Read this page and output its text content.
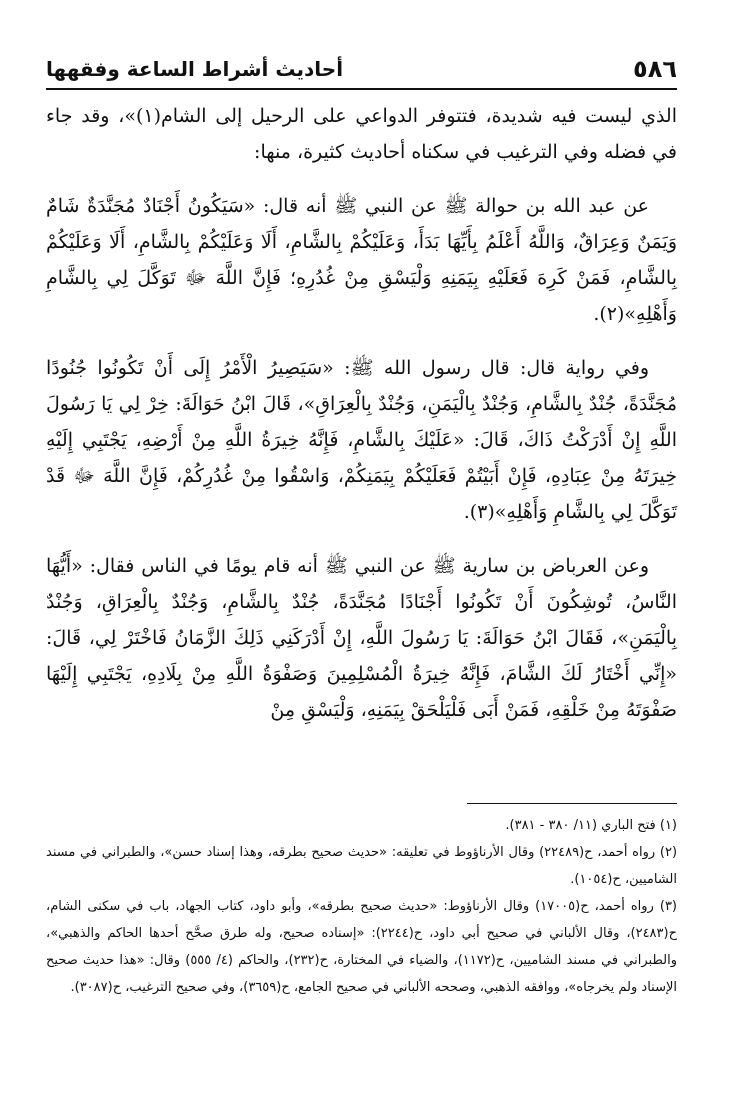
٥٨٦
أحاديث أشراط الساعة وفقهها

الذي ليست فيه شديدة، فتتوفر الدواعي على الرحيل إلى الشام(١)»، وقد جاء في فضله وفي الترغيب في سكناه أحاديث كثيرة، منها:

عن عبد الله بن حوالة ﷺ عن النبي ﷺ أنه قال: «سَيَكُونُ أَجْنَادٌ مُجَنَّدَةٌ شَامٌ وَيَمَنٌ وَعِرَاقٌ، وَاللَّهُ أَعْلَمُ بِأَيِّهَا بَدَأَ، وَعَلَيْكُمْ بِالشَّامِ، أَلَا وَعَلَيْكُمْ بِالشَّامِ، أَلَا وَعَلَيْكُمْ بِالشَّامِ، فَمَنْ كَرِهَ فَعَلَيْهِ بِيَمَنِهِ وَلْيَسْقِ مِنْ غُدُرِهِ؛ فَإِنَّ اللَّهَ ﷻ تَوَكَّلَ لِي بِالشَّامِ وَأَهْلِهِ»(٢).

وفي رواية قال: قال رسول الله ﷺ: «سَيَصِيرُ الْأَمْرُ إِلَى أَنْ تَكُونُوا جُنُودًا مُجَنَّدَةً، جُنْدٌ بِالشَّامِ، وَجُنْدٌ بِالْيَمَنِ، وَجُنْدٌ بِالْعِرَاقِ»، قَالَ ابْنُ حَوَالَةَ: خِرْ لِي يَا رَسُولَ اللَّهِ إِنْ أَدْرَكْتُ ذَاكَ، قَالَ: «عَلَيْكَ بِالشَّامِ، فَإِنَّهُ خِيرَةُ اللَّهِ مِنْ أَرْضِهِ، يَجْتَبِي إِلَيْهِ خِيرَتَهُ مِنْ عِبَادِهِ، فَإِنْ أَبَيْتُمْ فَعَلَيْكُمْ بِيَمَنِكُمْ، وَاسْقُوا مِنْ غُدُرِكُمْ، فَإِنَّ اللَّهَ ﷻ قَدْ تَوَكَّلَ لِي بِالشَّامِ وَأَهْلِهِ»(٣).

وعن العرباض بن سارية ﷺ عن النبي ﷺ أنه قام يومًا في الناس فقال: «أَيُّهَا النَّاسُ، تُوشِكُونَ أَنْ تَكُونُوا أَجْنَادًا مُجَنَّدَةً، جُنْدٌ بِالشَّامِ، وَجُنْدٌ بِالْعِرَاقِ، وَجُنْدٌ بِالْيَمَنِ»، فَقَالَ ابْنُ حَوَالَةَ: يَا رَسُولَ اللَّهِ، إِنْ أَدْرَكَنِي ذَلِكَ الزَّمَانُ فَاخْتَرْ لِي، قَالَ: «إِنِّي أَخْتَارُ لَكَ الشَّامَ، فَإِنَّهُ خِيرَةُ الْمُسْلِمِينَ وَصَفْوَةُ اللَّهِ مِنْ بِلَادِهِ، يَجْتَبِي إِلَيْهَا صَفْوَتَهُ مِنْ خَلْقِهِ، فَمَنْ أَبَى فَلْيَلْحَقْ بِيَمَنِهِ، وَلْيَسْقِ مِنْ

(١) فتح الباري (١١/ ٣٨٠ - ٣٨١).

(٢) رواه أحمد، ح(٢٢٤٨٩) وقال الأرناؤوط في تعليقه: «حديث صحيح بطرقه، وهذا إسناد حسن»، والطبراني في مسند الشاميين، ح(١٠٥٤).

(٣) رواه أحمد، ح(١٧٠٠٥) وقال الأرناؤوط: «حديث صحيح بطرقه»، وأبو داود، كتاب الجهاد، باب في سكنى الشام، ح(٢٤٨٣)، وقال الألباني في صحيح أبي داود، ح(٢٢٤٤): «إسناده صحيح، وله طرق صحَّح أحدها الحاكم والذهبي»، والطبراني في مسند الشاميين، ح(١١٧٢)، والضياء في المختارة، ح(٢٣٢)، والحاكم (٤/ ٥٥٥) وقال: «هذا حديث صحيح الإسناد ولم يخرجاه»، ووافقه الذهبي، وصححه الألباني في صحيح الجامع، ح(٣٦٥٩)، وفي صحيح الترغيب، ح(٣٠٨٧).
